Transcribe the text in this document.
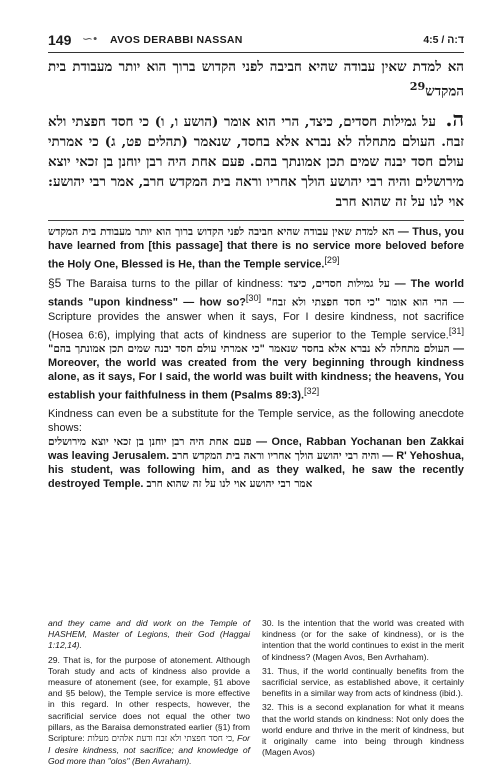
149 ∽• AVOS DERABBI NASSAN	4:5 / ד:ה
הא למדת שאין עבודה שהיא חביבה לפני הקדוש ברוך הוא יותר מעבודת בית המקדש$^{29}$
ה. על גמילות חסדים, כיצד, הרי הוא אומר (הושע ו, ו) כי חסד חפצתי ולא זבח. העולם מתחלה לא נברא אלא בחסד, שנאמר (תהלים פט, ג) כי אמרתי עולם חסד יבנה שמים תכן אמונתך בהם. פעם אחת היה רבן יוחנן בן זכאי יוצא מירושלים והיה רבי יהושע הולך אחריו וראה בית המקדש חרב, אמר רבי יהושע: אוי לנו על זה שהוא חרב

הא למדת שאין עבודה שהיא חביבה לפני הקדוש ברוך הוא יותר מעבודת בית המקדש — Thus, you have learned from [this passage] that there is no service more beloved before the Holy One, Blessed is He, than the Temple service.[29]

§5 The Baraisa turns to the pillar of kindness: על גמילות חסדים, כיצד — The world stands "upon kindness" — how so?[30] הרי הוא אומר "כי חסד חפצתי ולא זבח" — Scripture provides the answer when it says, For I desire kindness, not sacrifice (Hosea 6:6), implying that acts of kindness are superior to the Temple service.[31] העולם מתחלה לא נברא אלא בחסד שנאמר "כי אמרתי עולם חסד יבנה שמים תכן אמונתך בהם" — Moreover, the world was created from the very beginning through kindness alone, as it says, For I said, the world was built with kindness; the heavens, You establish your faithfulness in them (Psalms 89:3).[32]

Kindness can even be a substitute for the Temple service, as the following anecdote shows:

פעם אחת היה רבן יוחנן בן זכאי יוצא מירושלים — Once, Rabban Yochanan ben Zakkai was leaving Jerusalem. והיה רבי יהושע הולך אחריו וראה בית המקדש חרב — R' Yehoshua, his student, was following him, and as they walked, he saw the recently destroyed Temple. אמר רבי יהושע אוי לנו על זה שהוא חרב

and they came and did work on the Temple of HASHEM, Master of Legions, their God (Haggai 1:12,14).

29. That is, for the purpose of atonement. Although Torah study and acts of kindness also provide a measure of atonement (see, for example, §1 above and §5 below), the Temple service is more effective in this regard. In other respects, however, the sacrificial service does not equal the other two pillars, as the Baraisa demonstrated earlier (§1) from Scripture: כי חסד חפצתי ולא זבח ודעת אלהים מעלות, For I desire kindness, not sacrifice; and knowledge of God more than "olos" (Ben Avraham).

30. Is the intention that the world was created with kindness (or for the sake of kindness), or is the intention that the world continues to exist in the merit of kindness? (Magen Avos, Ben Avrhaham).

31. Thus, if the world continually benefits from the sacrificial service, as established above, it certainly benefits in a similar way from acts of kindness (ibid.).

32. This is a second explanation for what it means that the world stands on kindness: Not only does the world endure and thrive in the merit of kindness, but it originally came into being through kindness (Magen Avos)
